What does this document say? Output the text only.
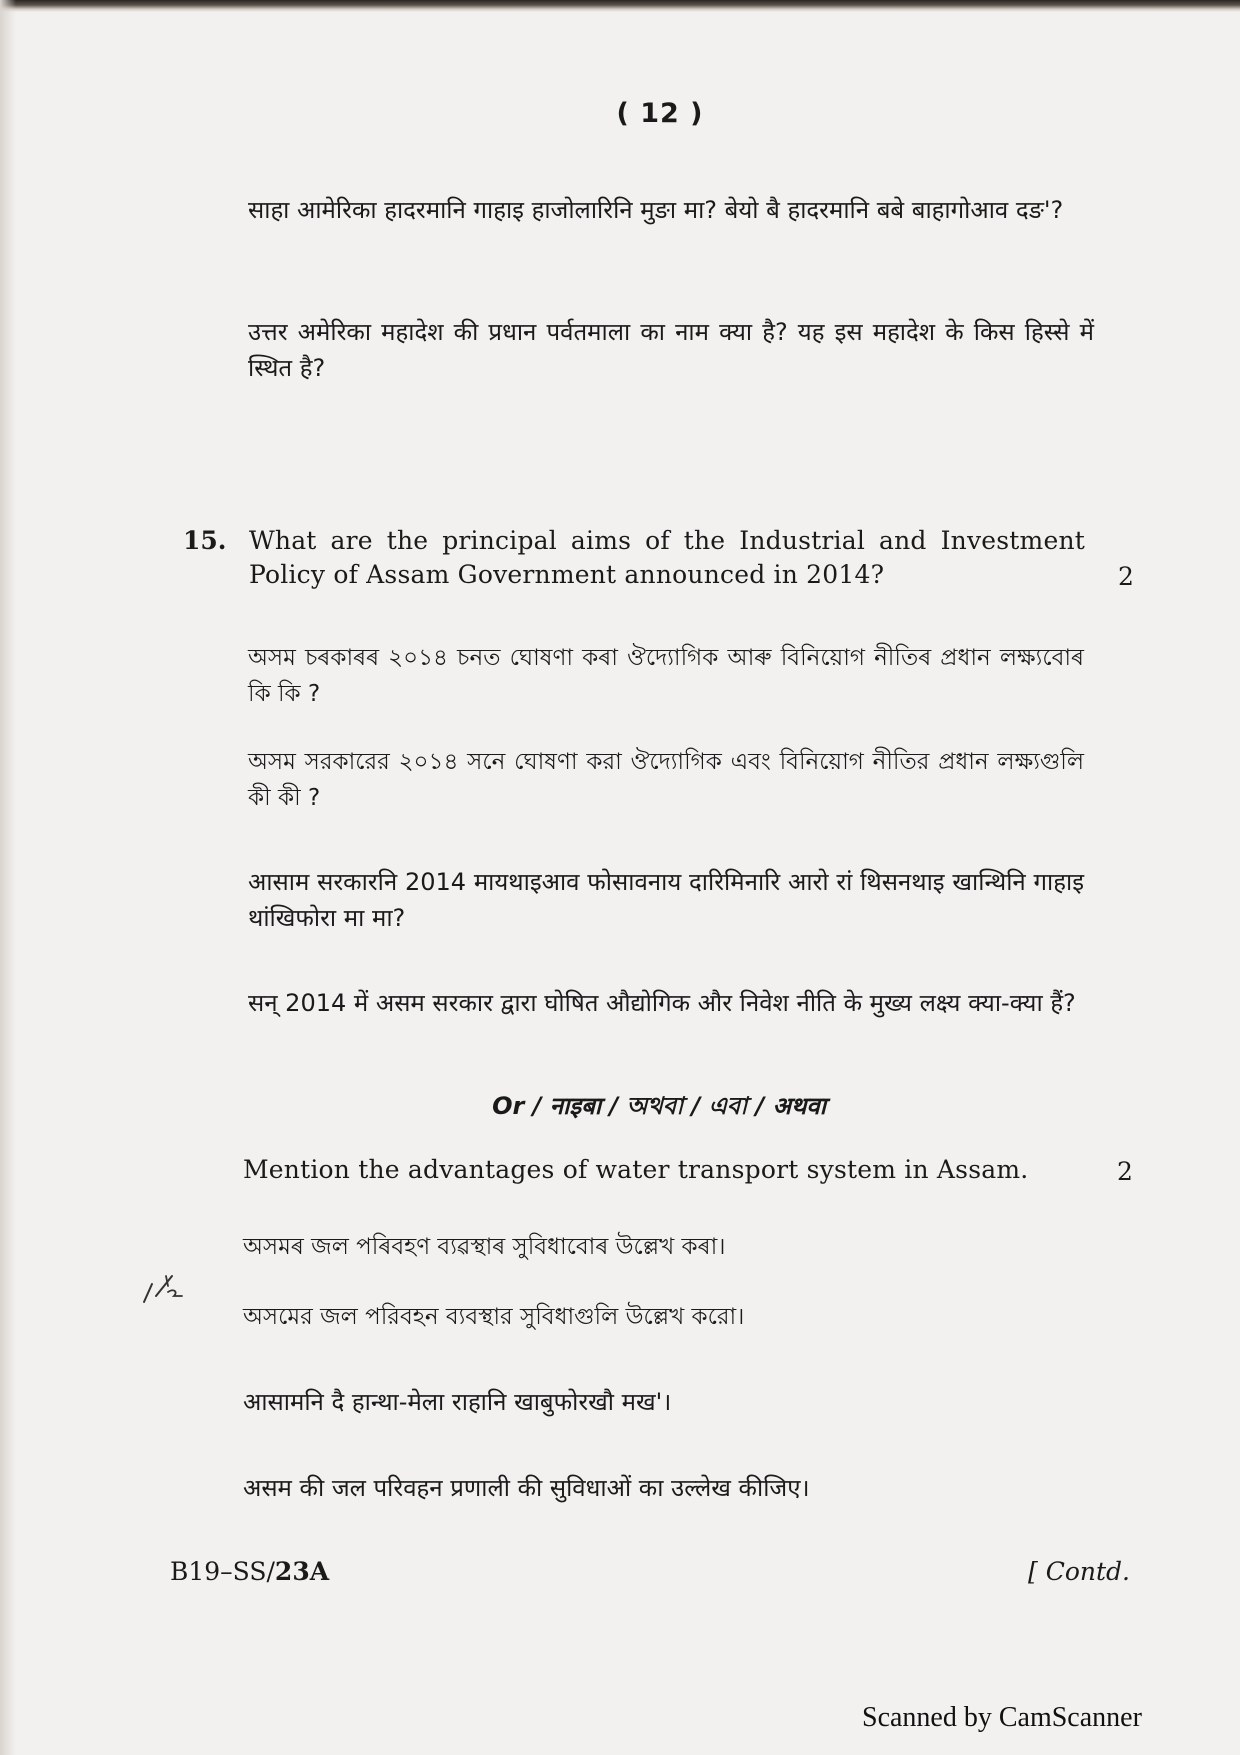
( 12 )
साहा आमेरिका हादरमानि गाहाइ हाजोलारिनि मुङा मा? बेयो बै हादरमानि बबे बाहागोआव दङ'?
उत्तर अमेरिका महादेश की प्रधान पर्वतमाला का नाम क्या है? यह इस महादेश के किस हिस्से में स्थित है?
15. What are the principal aims of the Industrial and Investment Policy of Assam Government announced in 2014?	2
অসম চৰকাৰৰ ২০১৪ চনত ঘোষণা কৰা ঔদ্যোগিক আৰু বিনিয়োগ নীতিৰ প্ৰধান লক্ষ্যবোৰ কি কি ?
অসম সরকারের ২০১৪ সনে ঘোষণা করা ঔদ্যোগিক এবং বিনিয়োগ নীতির প্রধান লক্ষ্যগুলি কী কী ?
आसाम सरकारनि 2014 मायथाइआव फोसावनाय दारिमिनारि आरो रां थिसनथाइ खान्थिनि गाहाइ थांखिफोरा मा मा?
सन् 2014 में असम सरकार द्वारा घोषित औद्योगिक और निवेश नीति के मुख्य लक्ष्य क्या-क्या हैं?
Or / नाइबा / অথবা / এবা / अथवा
Mention the advantages of water transport system in Assam.	2
অসমৰ জল পৰিবহণ ব্যৱস্থাৰ সুবিধাবোৰ উল্লেখ কৰা।
অসমের জল পরিবহন ব্যবস্থার সুবিধাগুলি উল্লেখ করো।
आसामनि दै हान्था-मेला राहानि खाबुफोरखौ मख'।
असम की जल परिवहन प्रणाली की सुविधाओं का उल्लेख कीजिए।
B19–SS/23A	[ Contd.
Scanned by CamScanner
